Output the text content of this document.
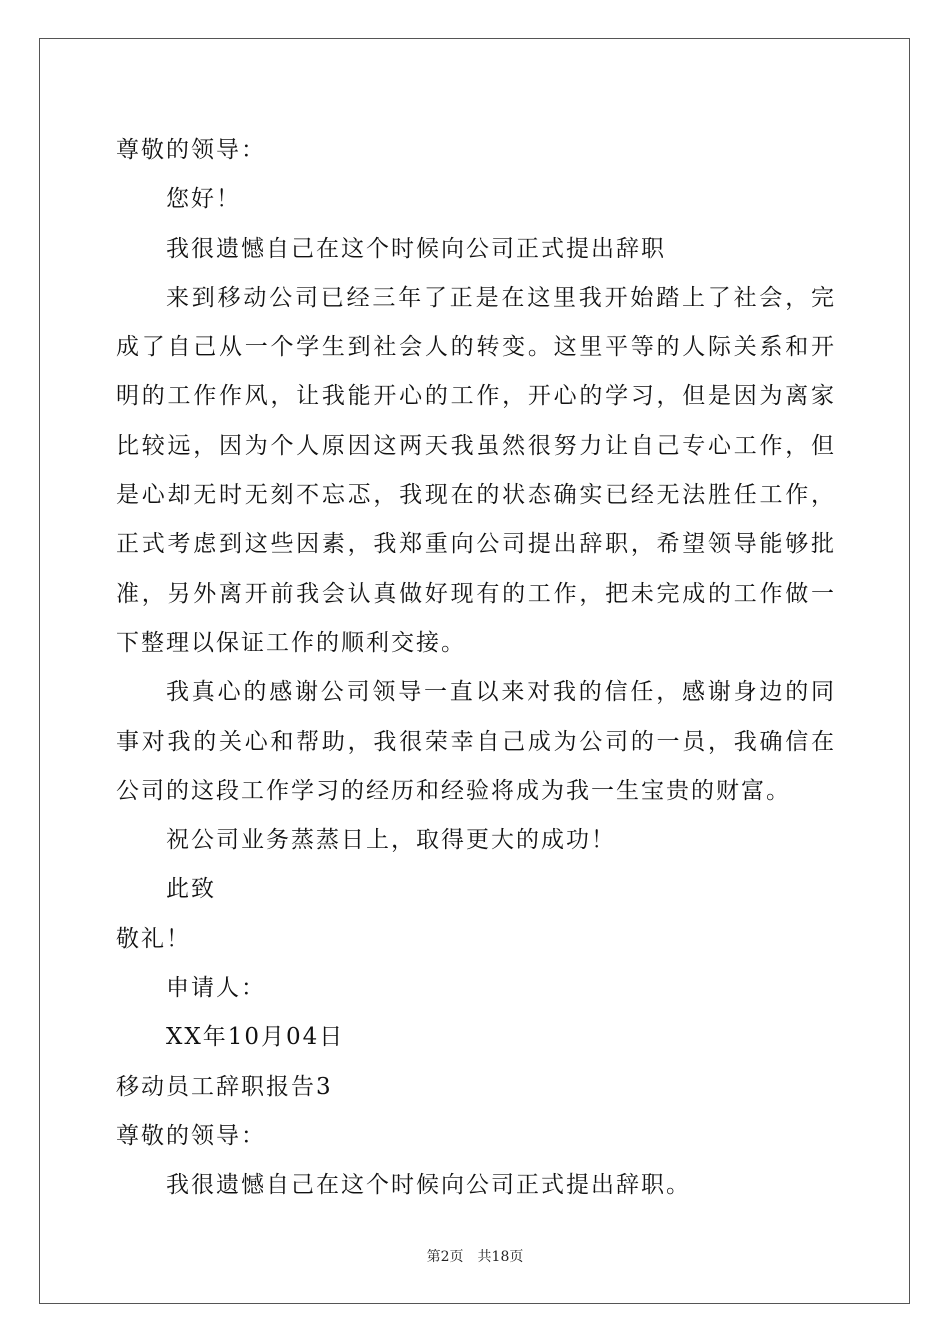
尊敬的领导：
您好！
我很遗憾自己在这个时候向公司正式提出辞职

来到移动公司已经三年了正是在这里我开始踏上了社会，完成了自己从一个学生到社会人的转变。这里平等的人际关系和开明的工作作风，让我能开心的工作，开心的学习，但是因为离家比较远，因为个人原因这两天我虽然很努力让自己专心工作，但是心却无时无刻不忘忑，我现在的状态确实已经无法胜任工作，正式考虑到这些因素，我郑重向公司提出辞职，希望领导能够批准，另外离开前我会认真做好现有的工作，把未完成的工作做一下整理以保证工作的顺利交接。

我真心的感谢公司领导一直以来对我的信任，感谢身边的同事对我的关心和帮助，我很荣幸自己成为公司的一员，我确信在公司的这段工作学习的经历和经验将成为我一生宝贵的财富。

祝公司业务蒸蒸日上，取得更大的成功！
此致
敬礼！
申请人：
XX年10月04日
移动员工辞职报告3
尊敬的领导：
我很遗憾自己在这个时候向公司正式提出辞职。
第2页 共18页
